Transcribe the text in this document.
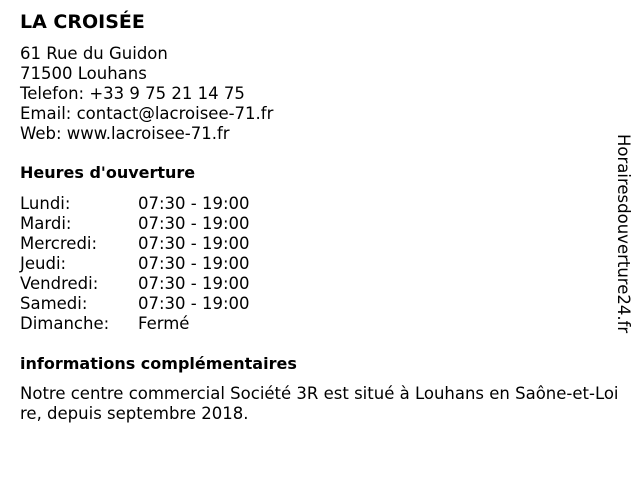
LA CROISÉE
61 Rue du Guidon
71500 Louhans
Telefon: +33 9 75 21 14 75
Email: contact@lacroisee-71.fr
Web: www.lacroisee-71.fr
Heures d'ouverture
Lundi:	07:30 - 19:00
Mardi:	07:30 - 19:00
Mercredi:	07:30 - 19:00
Jeudi:	07:30 - 19:00
Vendredi:	07:30 - 19:00
Samedi:	07:30 - 19:00
Dimanche:	Fermé
informations complémentaires

Notre centre commercial Société 3R est situé à Louhans en Saône-et-Loire, depuis septembre 2018.

Horairesdouverture24.fr
